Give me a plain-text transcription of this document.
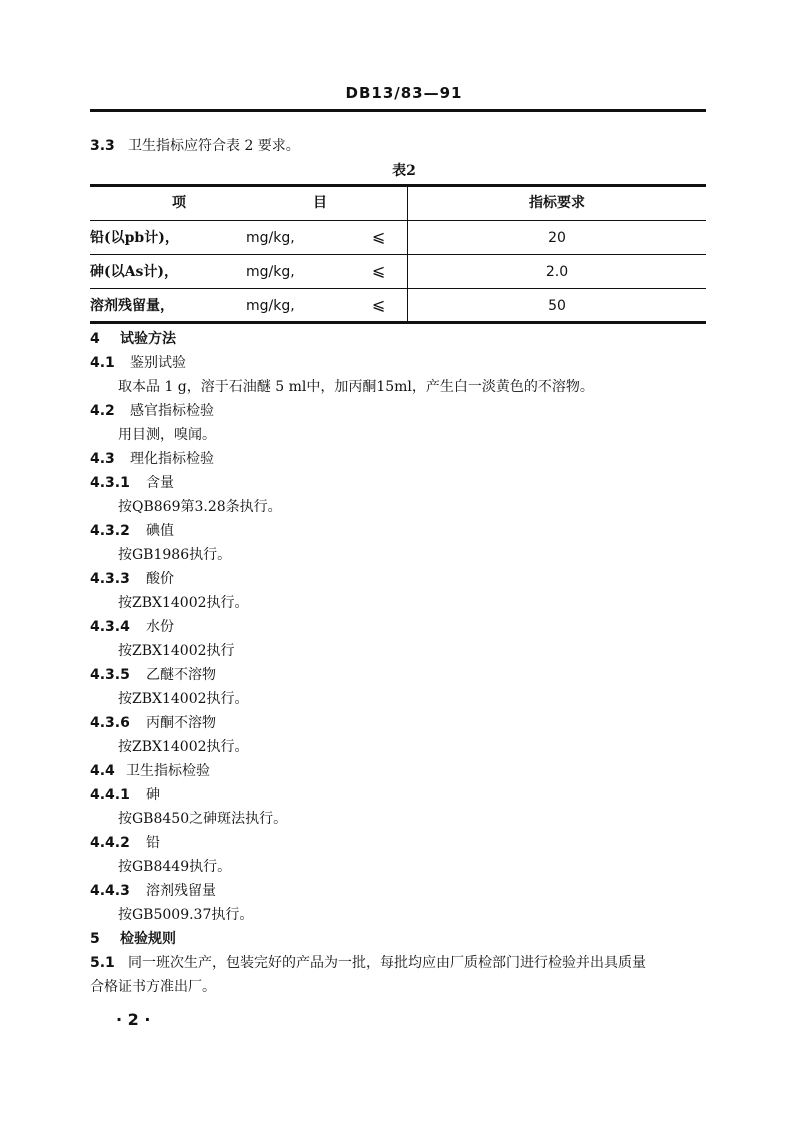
DB13/83—91
3.3 卫生指标应符合表 2 要求。
表2
项	目	指标要求
铅(以pb计)，	mg/kg,	⩽	20
砷(以As计)，	mg/kg,	⩽	2.0
溶剂残留量，	mg/kg,	⩽	50
4 试验方法
4.1 鉴别试验
取本品 1 g，溶于石油醚 5 ml中，加丙酮15ml，产生白一淡黄色的不溶物。
4.2 感官指标检验
用目测，嗅闻。
4.3 理化指标检验
4.3.1 含量
按QB869第3.28条执行。
4.3.2 碘值
按GB1986执行。
4.3.3 酸价
按ZBX14002执行。
4.3.4 水份
按ZBX14002执行
4.3.5 乙醚不溶物
按ZBX14002执行。
4.3.6 丙酮不溶物
按ZBX14002执行。
4.4 卫生指标检验
4.4.1 砷
按GB8450之砷斑法执行。
4.4.2 铅
按GB8449执行。
4.4.3 溶剂残留量
按GB5009.37执行。
5 检验规则
5.1 同一班次生产，包装完好的产品为一批，每批均应由厂质检部门进行检验并出具质量
合格证书方准出厂。
· 2 ·
